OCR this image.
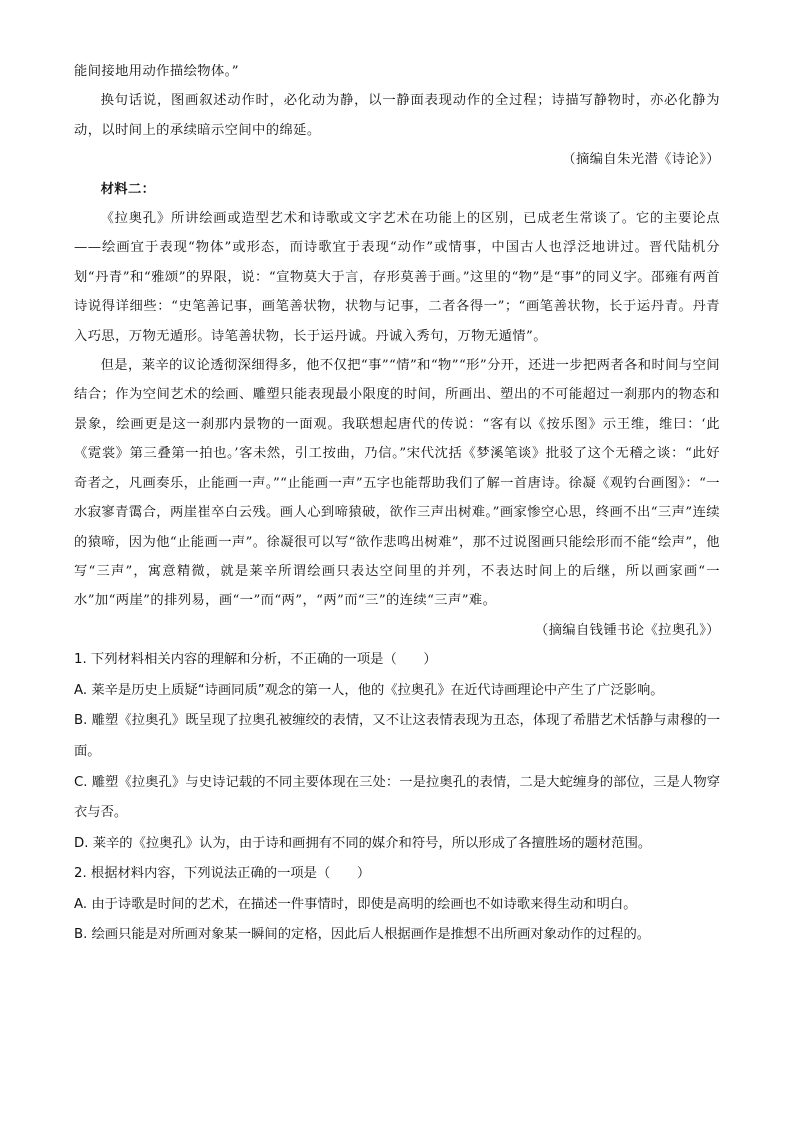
能间接地用动作描绘物体。”

换句话说，图画叙述动作时，必化动为静，以一静面表现动作的全过程；诗描写静物时，亦必化静为动，以时间上的承续暗示空间中的绵延。

（摘编自朱光潜《诗论》）

材料二：

《拉奥孔》所讲绘画或造型艺术和诗歌或文字艺术在功能上的区别，已成老生常谈了。它的主要论点——绘画宜于表现“物体”或形态，而诗歌宜于表现“动作”或情事，中国古人也浮泛地讲过。晋代陆机分划“丹青”和“雅颂”的界限，说：“宣物莫大于言，存形莫善于画。”这里的“物”是“事”的同义字。邵雍有两首诗说得详细些：“史笔善记事，画笔善状物，状物与记事，二者各得一”；“画笔善状物，长于运丹青。丹青入巧思，万物无遁形。诗笔善状物，长于运丹诚。丹诚入秀句，万物无遁情”。

但是，莱辛的议论透彻深细得多，他不仅把“事”“情”和“物”“形”分开，还进一步把两者各和时间与空间结合；作为空间艺术的绘画、雕塑只能表现最小限度的时间，所画出、塑出的不可能超过一刹那内的物态和景象，绘画更是这一刹那内景物的一面观。我联想起唐代的传说：“客有以《按乐图》示王维，维曰：‘此《霓裳》第三叠第一拍也。’客未然，引工按曲，乃信。”宋代沈括《梦溪笔谈》批驳了这个无稽之谈：“此好奇者之，凡画奏乐，止能画一声。”“止能画一声”五字也能帮助我们了解一首唐诗。徐凝《观钓台画图》：“一水寂寥青霭合，两崖崔卒白云残。画人心到啼猿破，欲作三声出树难。”画家惨空心思，终画不出“三声”连续的猿啼，因为他“止能画一声”。徐凝很可以写“欲作悲鸣出树难”，那不过说图画只能绘形而不能“绘声”，他写“三声”，寓意精微，就是莱辛所谓绘画只表达空间里的并列，不表达时间上的后继，所以画家画“一水”加“两崖”的排列易，画“一”而“两”，“两”而“三”的连续“三声”难。

（摘编自钱锺书论《拉奥孔》）

1. 下列材料相关内容的理解和分析，不正确的一项是（　　）

A. 莱辛是历史上质疑“诗画同质”观念的第一人，他的《拉奥孔》在近代诗画理论中产生了广泛影响。

B. 雕塑《拉奥孔》既呈现了拉奥孔被缠绞的表情，又不让这表情表现为丑态，体现了希腊艺术恬静与肃穆的一面。

C. 雕塑《拉奥孔》与史诗记载的不同主要体现在三处：一是拉奥孔的表情，二是大蛇缠身的部位，三是人物穿衣与否。

D. 莱辛的《拉奥孔》认为，由于诗和画拥有不同的媒介和符号，所以形成了各擅胜场的题材范围。

2. 根据材料内容，下列说法正确的一项是（　　）

A. 由于诗歌是时间的艺术，在描述一件事情时，即使是高明的绘画也不如诗歌来得生动和明白。

B. 绘画只能是对所画对象某一瞬间的定格，因此后人根据画作是推想不出所画对象动作的过程的。
